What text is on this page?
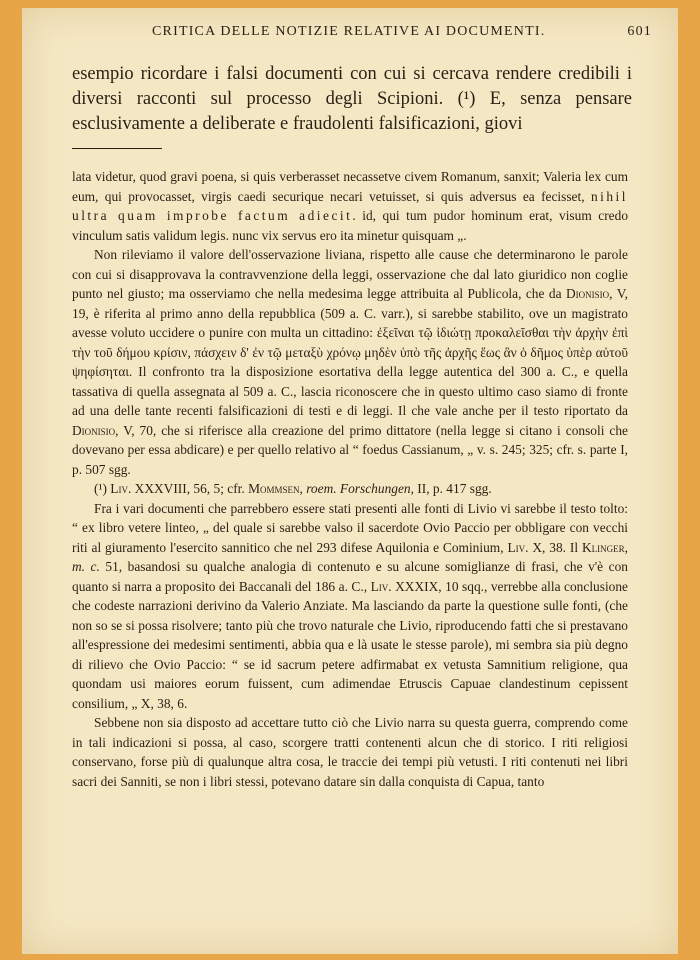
CRITICA DELLE NOTIZIE RELATIVE AI DOCUMENTI.	601
esempio ricordare i falsi documenti con cui si cercava rendere credibili i diversi racconti sul processo degli Scipioni. (¹) E, senza pensare esclusivamente a deliberate e fraudolenti falsificazioni, giovi

lata videtur, quod gravi poena, si quis verberasset necassetve civem Romanum, sanxit; Valeria lex cum eum, qui provocasset, virgis caedi securique necari vetuisset, si quis adversus ea fecisset, nihil ultra quam improbe factum adiecit. id, qui tum pudor hominum erat, visum credo vinculum satis validum legis. nunc vix servus ero ita minetur quisquam „.

Non rileviamo il valore dell'osservazione liviana, rispetto alle cause che determinarono le parole con cui si disapprovava la contravvenzione della leggi, osservazione che dal lato giuridico non coglie punto nel giusto; ma osserviamo che nella medesima legge attribuita al Publicola, che da Dionisio, V, 19, è riferita al primo anno della repubblica (509 a. C. varr.), si sarebbe stabilito, ove un magistrato avesse voluto uccidere o punire con multa un cittadino: ἐξεῖναι τῷ ἰδιώτῃ προκαλεῖσθαι τὴν ἀρχὴν ἐπὶ τὴν τοῦ δήμου κρίσιν, πάσχειν δ' ἐν τῷ μεταξὺ χρόνῳ μηδὲν ὑπὸ τῆς ἀρχῆς ἕως ἂν ὁ δῆμος ὑπὲρ αὐτοῦ ψηφίσηται. Il confronto tra la disposizione esortativa della legge autentica del 300 a. C., e quella tassativa di quella assegnata al 509 a. C., lascia riconoscere che in questo ultimo caso siamo di fronte ad una delle tante recenti falsificazioni di testi e di leggi. Il che vale anche per il testo riportato da Dionisio, V, 70, che si riferisce alla creazione del primo dittatore (nella legge si citano i consoli che dovevano per essa abdicare) e per quello relativo al “ foedus Cassianum, „ v. s. 245; 325; cfr. s. parte I, p. 507 sgg.

(¹) Liv. XXXVIII, 56, 5; cfr. Mommsen, roem. Forschungen, II, p. 417 sgg.

Fra i vari documenti che parrebbero essere stati presenti alle fonti di Livio vi sarebbe il testo tolto: “ ex libro vetere linteo, „ del quale si sarebbe valso il sacerdote Ovio Paccio per obbligare con vecchi riti al giuramento l'esercito sannitico che nel 293 difese Aquilonia e Cominium, Liv. X, 38. Il Klinger, m. c. 51, basandosi su qualche analogia di contenuto e su alcune somiglianze di frasi, che v'è con quanto si narra a proposito dei Baccanali del 186 a. C., Liv. XXXIX, 10 sqq., verrebbe alla conclusione che codeste narrazioni derivino da Valerio Anziate. Ma lasciando da parte la questione sulle fonti, (che non so se si possa risolvere; tanto più che trovo naturale che Livio, riproducendo fatti che si prestavano all'espressione dei medesimi sentimenti, abbia qua e là usate le stesse parole), mi sembra sia più degno di rilievo che Ovio Paccio: “ se id sacrum petere adfirmabat ex vetusta Samnitium religione, qua quondam usi maiores eorum fuissent, cum adimendae Etruscis Capuae clandestinum cepissent consilium, „ X, 38, 6.

Sebbene non sia disposto ad accettare tutto ciò che Livio narra su questa guerra, comprendo come in tali indicazioni si possa, al caso, scorgere tratti contenenti alcun che di storico. I riti religiosi conservano, forse più di qualunque altra cosa, le traccie dei tempi più vetusti. I riti contenuti nei libri sacri dei Sanniti, se non i libri stessi, potevano datare sin dalla conquista di Capua, tanto
